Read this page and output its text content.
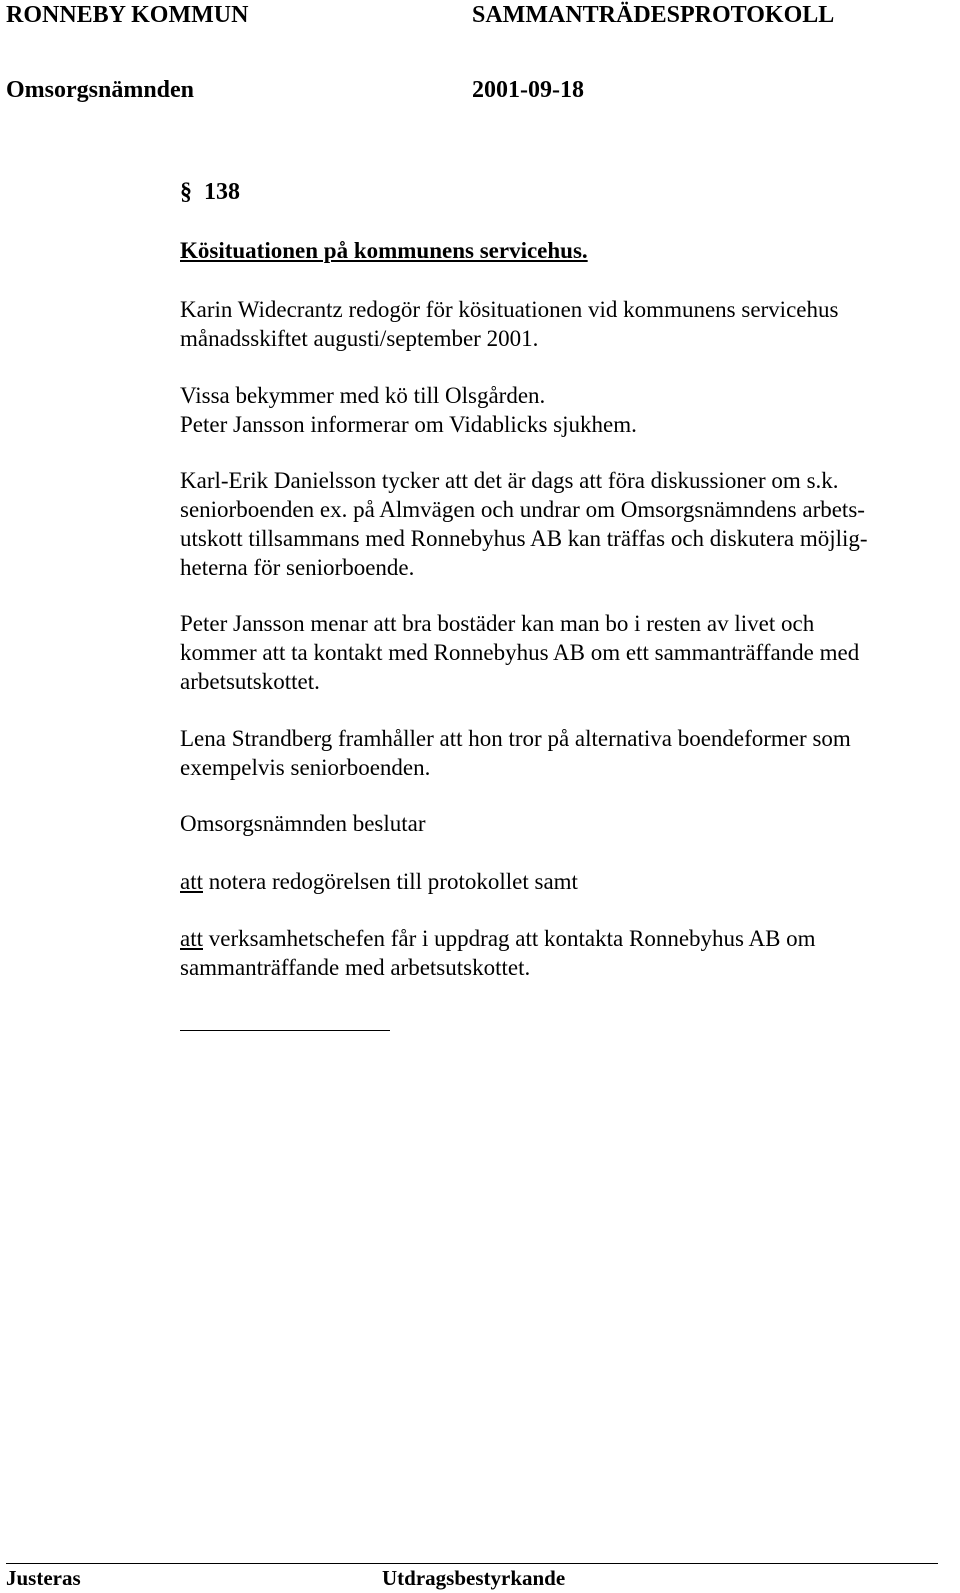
RONNEBY KOMMUN	SAMMANTRÄDESPROTOKOLL
Omsorgsnämnden	2001-09-18
§ 138
Kösituationen på kommunens servicehus.
Karin Widecrantz redogör för kösituationen vid kommunens servicehus
månadsskiftet augusti/september 2001.
Vissa bekymmer med kö till Olsgården.
Peter Jansson informerar om Vidablicks sjukhem.
Karl-Erik Danielsson tycker att det är dags att föra diskussioner om s.k.
seniorboenden ex. på Almvägen och undrar om Omsorgsnämndens arbets-
utskott tillsammans med Ronnebyhus AB kan träffas och diskutera möjlig-
heterna för seniorboende.
Peter Jansson menar att bra bostäder kan man bo i resten av livet och
kommer att ta kontakt med Ronnebyhus AB om ett sammanträffande med
arbetsutskottet.
Lena Strandberg framhåller att hon tror på alternativa boendeformer som
exempelvis seniorboenden.
Omsorgsnämnden beslutar
att notera redogörelsen till protokollet samt
att verksamhetschefen får i uppdrag att kontakta Ronnebyhus AB om
sammanträffande med arbetsutskottet.
Justeras	Utdragsbestyrkande
